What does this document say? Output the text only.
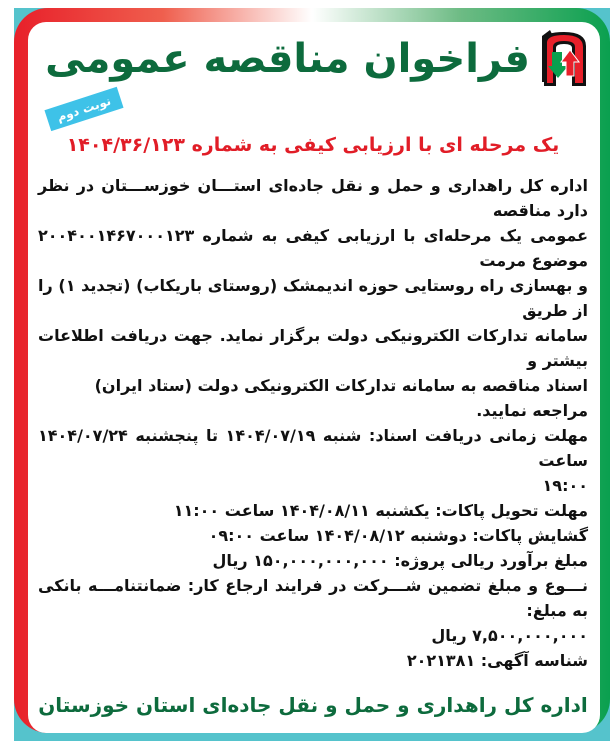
فراخوان مناقصه عمومی
نوبت دوم
یک مرحله ای با ارزیابی کیفی به شماره ۱۴۰۴/۳۶/۱۲۳
اداره کل راهداری و حمل و نقل جاده‌ای استـــان خوزســـتان در نظر دارد مناقصه
عمومی یک مرحله‌ای با ارزیابی کیفی به شماره ۲۰۰۴۰۰۱۴۶۷۰۰۰۱۲۳ موضوع مرمت
و بهسازی راه روستایی حوزه اندیمشک (روستای باریکاب) (تجدید ۱) را از طریق
سامانه تدارکات الکترونیکی دولت برگزار نماید. جهت دریافت اطلاعات بیشتر و
اسناد مناقصه به سامانه تدارکات الکترونیکی دولت (ستاد ایران) مراجعه نمایید.
مهلت زمانی دریافت اسناد: شنبه ۱۴۰۴/۰۷/۱۹ تا پنجشنبه ۱۴۰۴/۰۷/۲۴ ساعت
۱۹:۰۰
مهلت تحویل پاکات: یکشنبه ۱۴۰۴/۰۸/۱۱ ساعت ۱۱:۰۰
گشایش پاکات: دوشنبه ۱۴۰۴/۰۸/۱۲ ساعت ۰۹:۰۰
مبلغ برآورد ریالی پروژه: ۱۵۰,۰۰۰,۰۰۰,۰۰۰ ریال
نـــوع و مبلغ تضمین شـــرکت در فرایند ارجاع کار: ضمانتنامـــه بانکی به مبلغ:
۷,۵۰۰,۰۰۰,۰۰۰ ریال
شناسه آگهی: ۲۰۲۱۳۸۱
اداره کل راهداری و حمل و نقل جاده‌ای استان خوزستان
